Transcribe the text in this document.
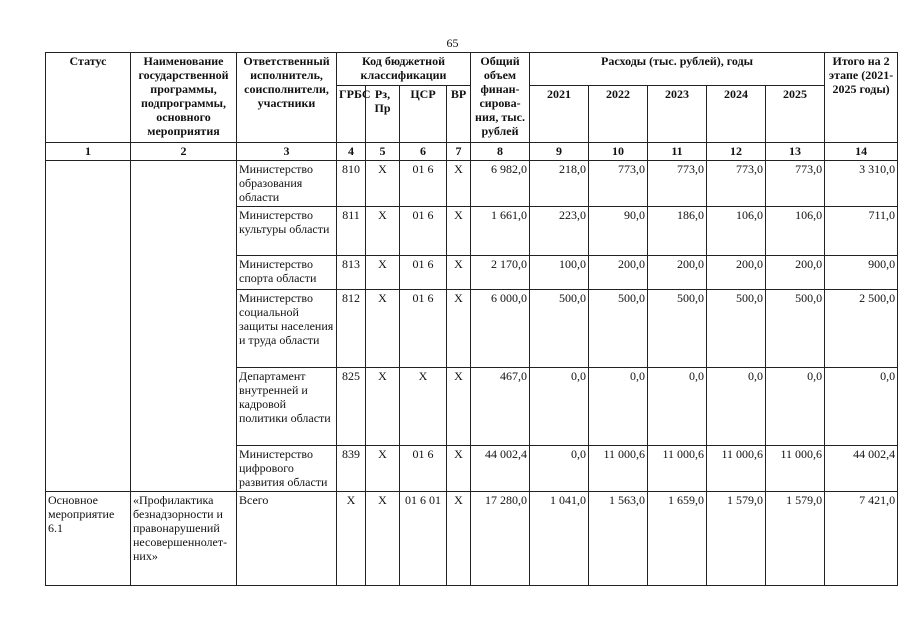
65
Статус	Наименование государственной программы, подпрограммы, основного мероприятия	Ответственный исполнитель, соисполнители, участники	Код бюджетной классификации				Общий объем финан-сирова-ния, тыс. рублей	Расходы (тыс. рублей), годы					Итого на 2 этапе (2021-2025 годы)
			ГРБС	Рз, Пр	ЦСР	ВР		2021	2022	2023	2024	2025	
1	2	3	4	5	6	7	8	9	10	11	12	13	14
		Министерство образования области	810	Х	01 6	Х	6 982,0	218,0	773,0	773,0	773,0	773,0	3 310,0
		Министерство культуры области	811	Х	01 6	Х	1 661,0	223,0	90,0	186,0	106,0	106,0	711,0
		Министерство спорта области	813	Х	01 6	Х	2 170,0	100,0	200,0	200,0	200,0	200,0	900,0
		Министерство социальной защиты населения и труда области	812	Х	01 6	Х	6 000,0	500,0	500,0	500,0	500,0	500,0	2 500,0
		Департамент внутренней и кадровой политики области	825	Х	Х	Х	467,0	0,0	0,0	0,0	0,0	0,0	0,0
		Министерство цифрового развития области	839	Х	01 6	Х	44 002,4	0,0	11 000,6	11 000,6	11 000,6	11 000,6	44 002,4
Основное мероприятие 6.1	«Профилактика безнадзорности и правонарушений несовершеннолет-них»	Всего	Х	Х	01 6 01	Х	17 280,0	1 041,0	1 563,0	1 659,0	1 579,0	1 579,0	7 421,0
